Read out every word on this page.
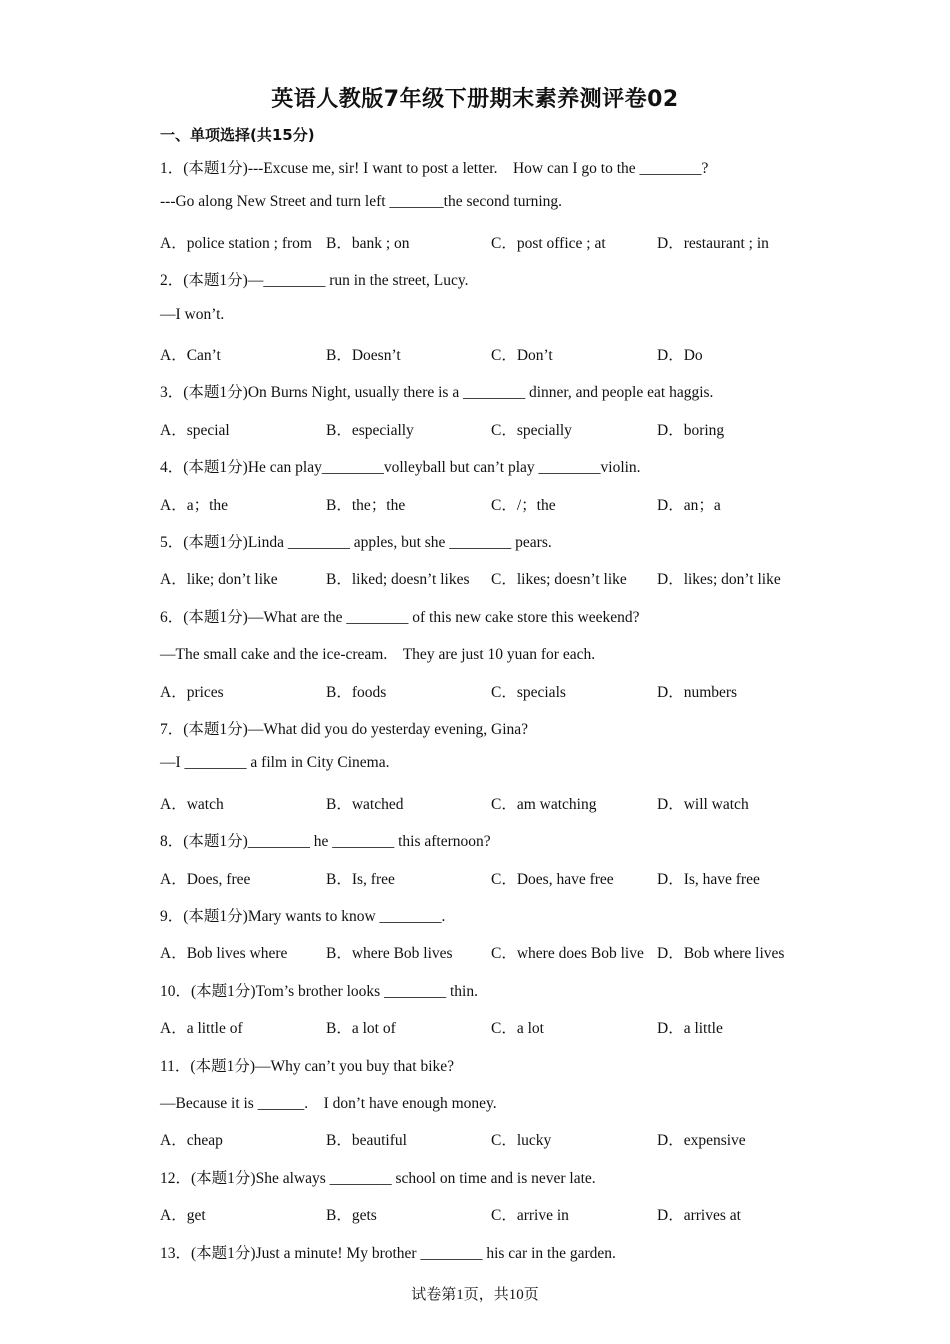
英语人教版7年级下册期末素养测评卷02
一、单项选择(共15分)
1．(本题1分)---Excuse me, sir! I want to post a letter.　How can I go to the ________?
---Go along New Street and turn left _______the second turning.
A．police station ; from B．bank ; on	C．post office ; at	D．restaurant ; in
2．(本题1分)—________ run in the street, Lucy.
—I won’t.
A．Can’t	B．Doesn’t	C．Don’t	D．Do
3．(本题1分)On Burns Night, usually there is a ________ dinner, and people eat haggis.
A．special	B．especially	C．specially	D．boring
4．(本题1分)He can play________volleyball but can’t play ________violin.
A．a；the	B．the；the	C．/；the	D．an；a
5．(本题1分)Linda ________ apples, but she ________ pears.
A．like; don’t like	B．liked; doesn’t likes C．likes; doesn’t like D．likes; don’t like
6．(本题1分)—What are the ________ of this new cake store this weekend?
—The small cake and the ice-cream.　They are just 10 yuan for each.
A．prices	B．foods	C．specials	D．numbers
7．(本题1分)—What did you do yesterday evening, Gina?
—I ________ a film in City Cinema.
A．watch	B．watched	C．am watching	D．will watch
8．(本题1分)________ he ________ this afternoon?
A．Does, free	B．Is, free	C．Does, have free	D．Is, have free
9．(本题1分)Mary wants to know ________.
A．Bob lives where B．where Bob lives C．where does Bob live D．Bob where lives
10．(本题1分)Tom’s brother looks ________ thin.
A．a little of	B．a lot of	C．a lot	D．a little
11．(本题1分)—Why can’t you buy that bike?
—Because it is ______.　I don’t have enough money.
A．cheap	B．beautiful	C．lucky	D．expensive
12．(本题1分)She always ________ school on time and is never late.
A．get	B．gets	C．arrive in	D．arrives at
13．(本题1分)Just a minute! My brother ________ his car in the garden.
试卷第1页，共10页
